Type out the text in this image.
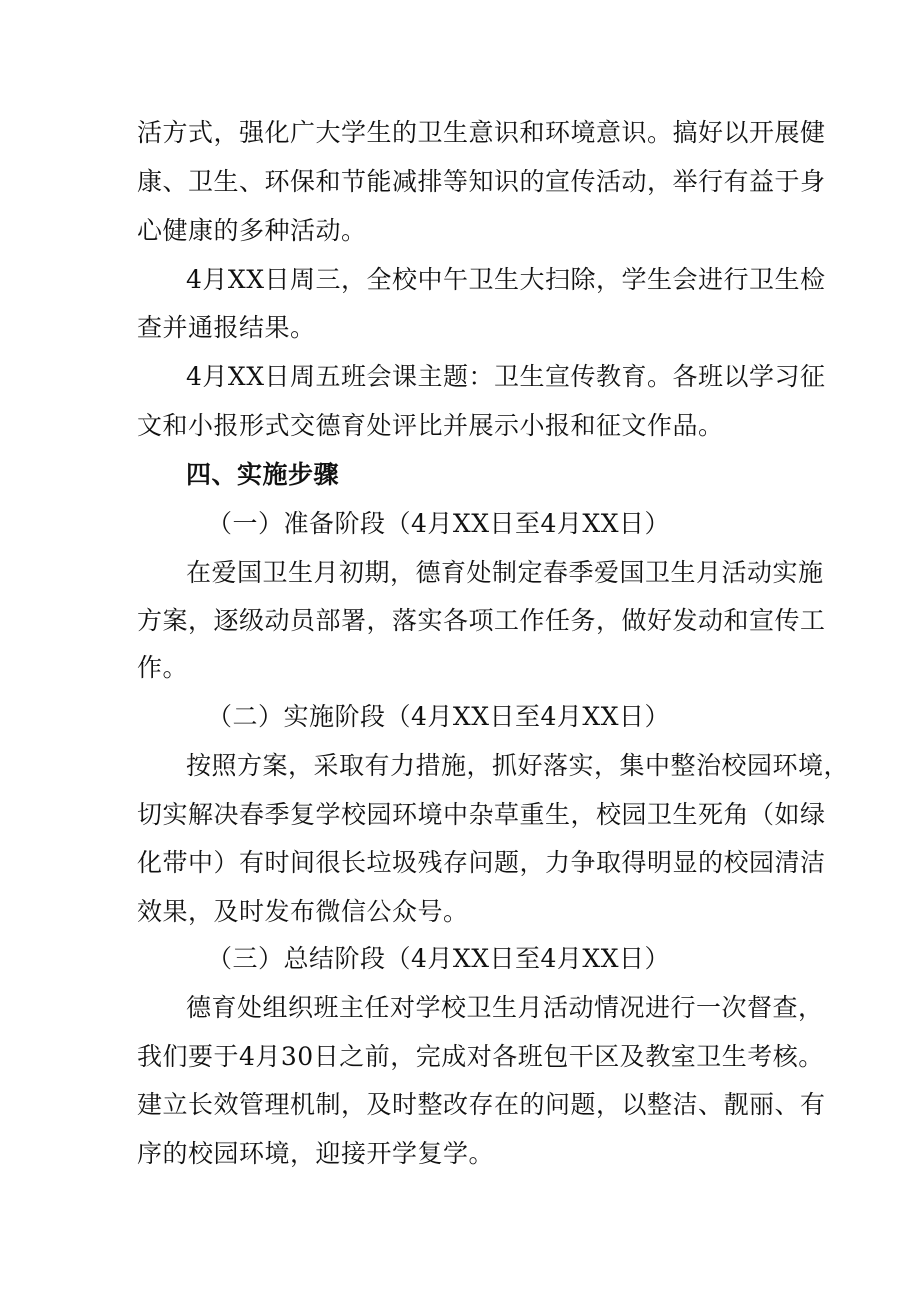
活方式，强化广大学生的卫生意识和环境意识。搞好以开展健
康、卫生、环保和节能减排等知识的宣传活动，举行有益于身
心健康的多种活动。
4月XX日周三，全校中午卫生大扫除，学生会进行卫生检
查并通报结果。
4月XX日周五班会课主题：卫生宣传教育。各班以学习征
文和小报形式交德育处评比并展示小报和征文作品。
四、实施步骤
（一）准备阶段（4月XX日至4月XX日）
在爱国卫生月初期，德育处制定春季爱国卫生月活动实施
方案，逐级动员部署，落实各项工作任务，做好发动和宣传工
作。
（二）实施阶段（4月XX日至4月XX日）
按照方案，采取有力措施，抓好落实，集中整治校园环境，
切实解决春季复学校园环境中杂草重生，校园卫生死角（如绿
化带中）有时间很长垃圾残存问题，力争取得明显的校园清洁
效果，及时发布微信公众号。
（三）总结阶段（4月XX日至4月XX日）
德育处组织班主任对学校卫生月活动情况进行一次督查，
我们要于4月30日之前，完成对各班包干区及教室卫生考核。
建立长效管理机制，及时整改存在的问题，以整洁、靓丽、有
序的校园环境，迎接开学复学。
